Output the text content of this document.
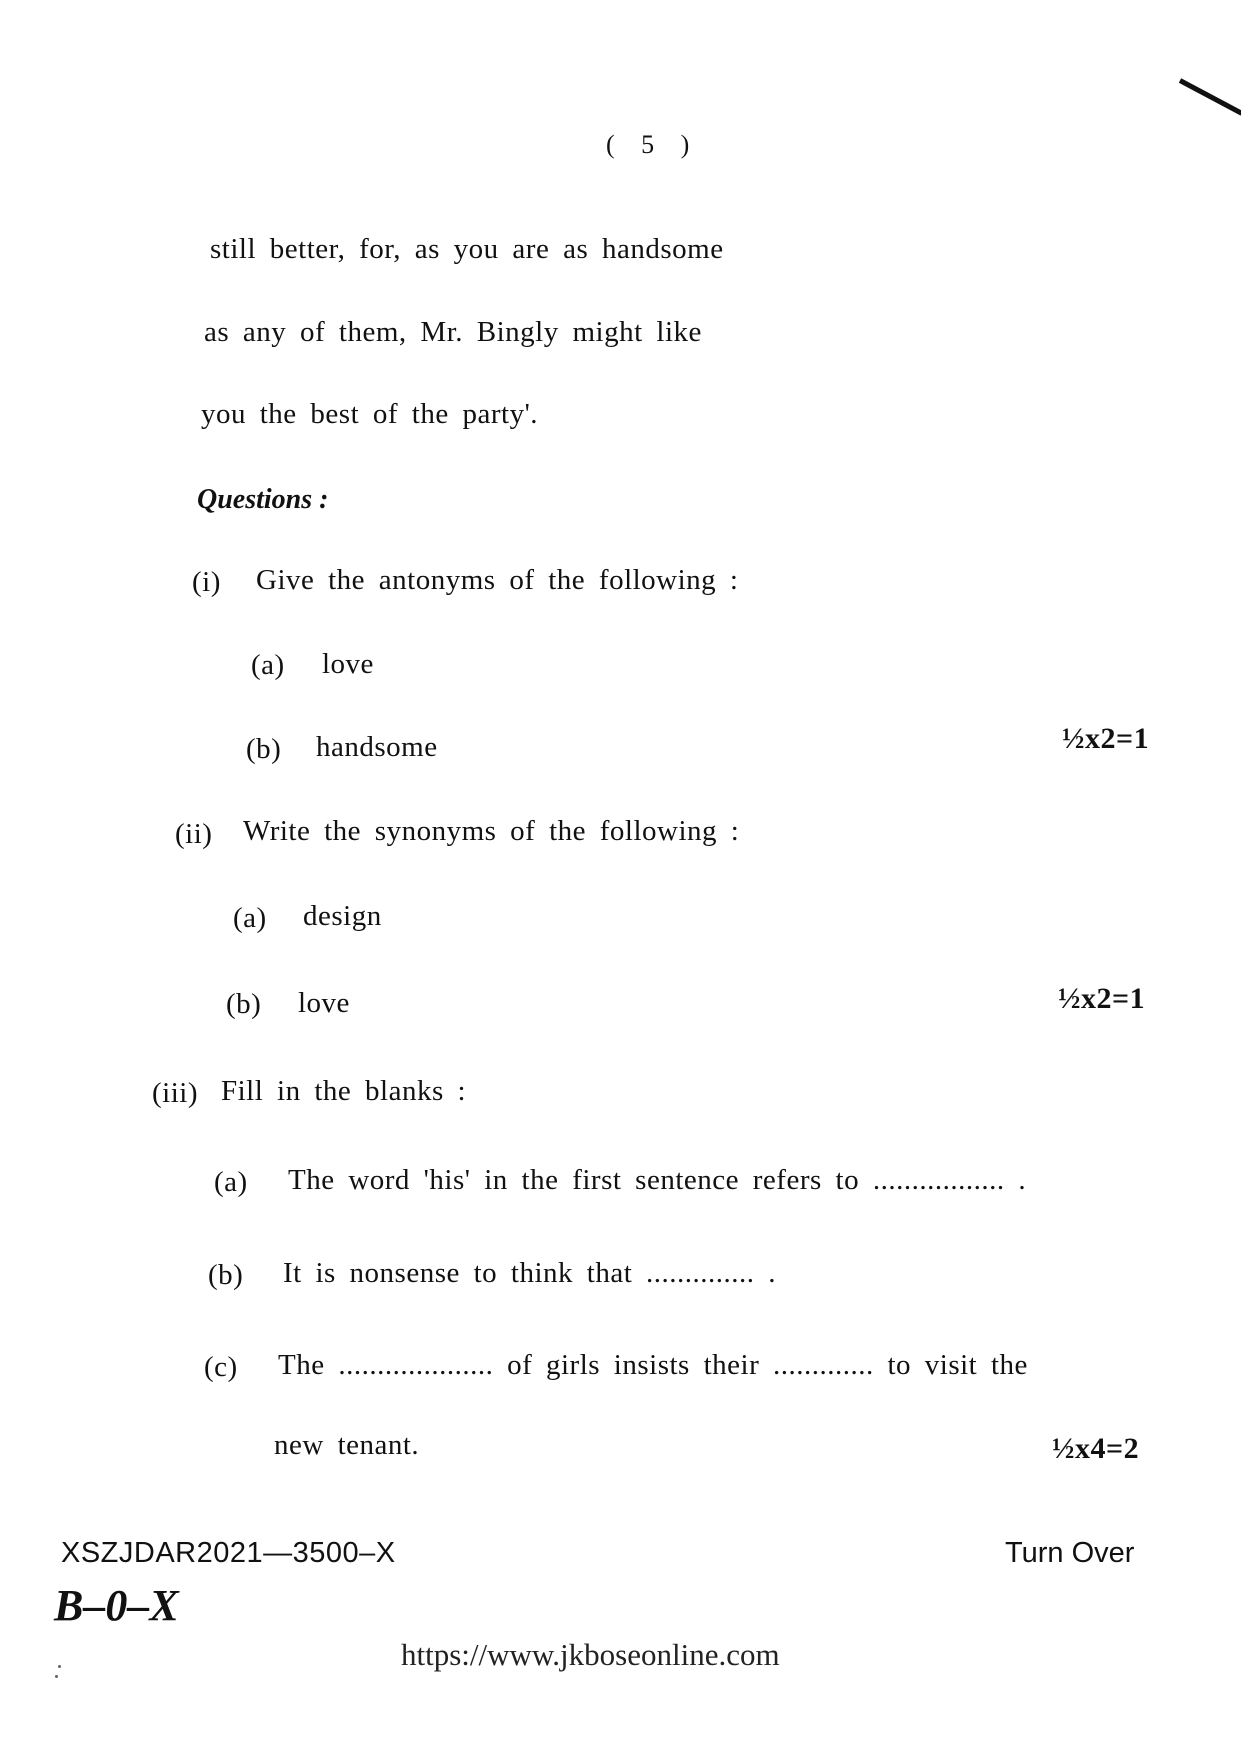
( 5 )
still better, for, as you are as handsome
as any of them, Mr. Bingly might like
you the best of the party'.
Questions :
(i) Give the antonyms of the following :
(a) love
(b) handsome	½x2=1
(ii) Write the synonyms of the following :
(a) design
(b) love	½x2=1
(iii) Fill in the blanks :
(a) The word 'his' in the first sentence refers to ................. .
(b) It is nonsense to think that .............. .
(c) The .................... of girls insists their ............. to visit the
new tenant.	½x4=2
XSZJDAR2021—3500–X	Turn Over
B–0–X
https://www.jkboseonline.com
